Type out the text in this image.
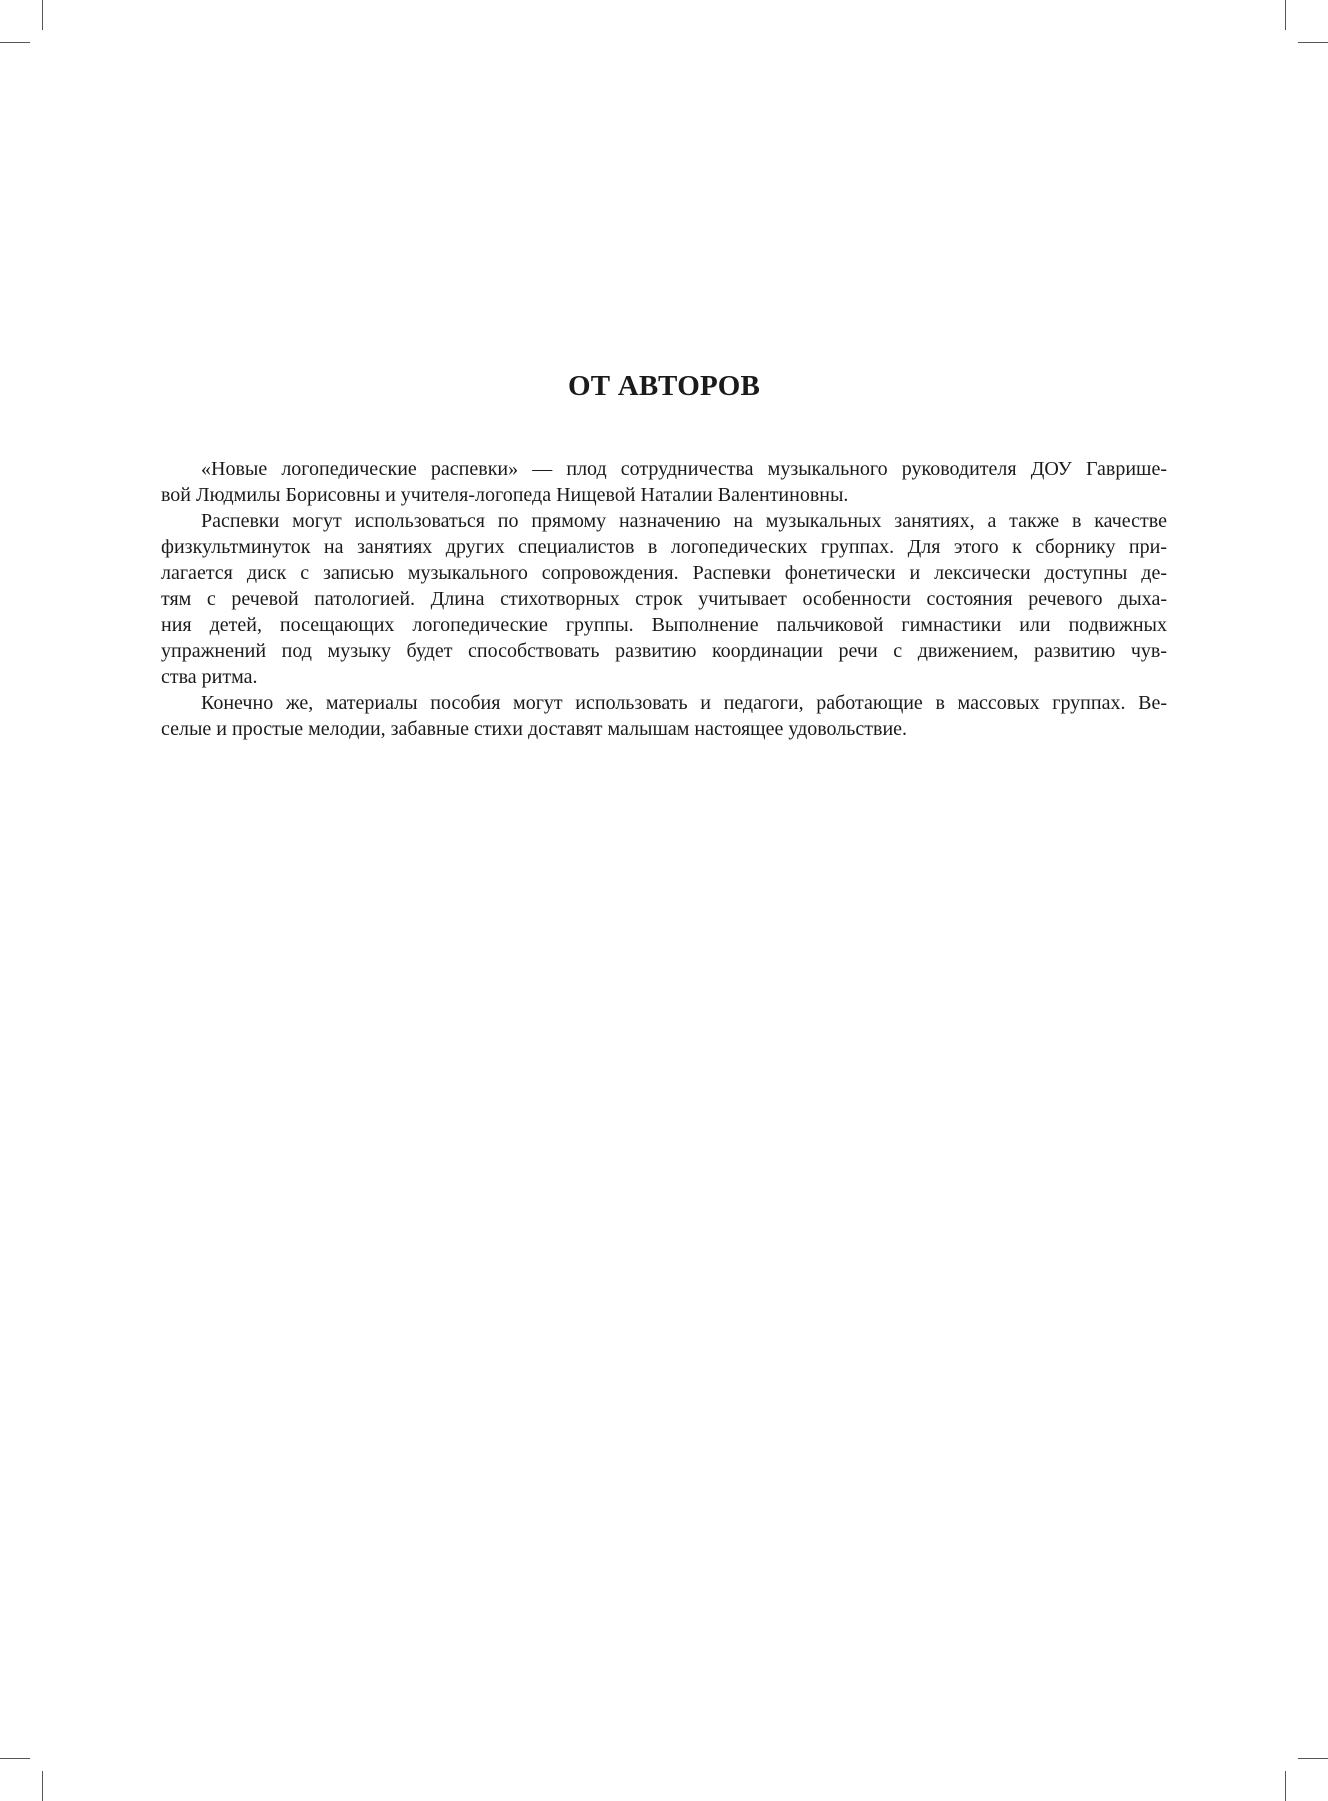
ОТ АВТОРОВ
«Новые логопедические распевки» — плод сотрудничества музыкального руководителя ДОУ Гаврише-
вой Людмилы Борисовны и учителя-логопеда Нищевой Наталии Валентиновны.
Распевки могут использоваться по прямому назначению на музыкальных занятиях, а также в качестве
физкультминуток на занятиях других специалистов в логопедических группах. Для этого к сборнику при-
лагается диск с записью музыкального сопровождения. Распевки фонетически и лексически доступны де-
тям с речевой патологией. Длина стихотворных строк учитывает особенности состояния речевого дыха-
ния детей, посещающих логопедические группы. Выполнение пальчиковой гимнастики или подвижных
упражнений под музыку будет способствовать развитию координации речи с движением, развитию чув-
ства ритма.
Конечно же, материалы пособия могут использовать и педагоги, работающие в массовых группах. Ве-
селые и простые мелодии, забавные стихи доставят малышам настоящее удовольствие.
